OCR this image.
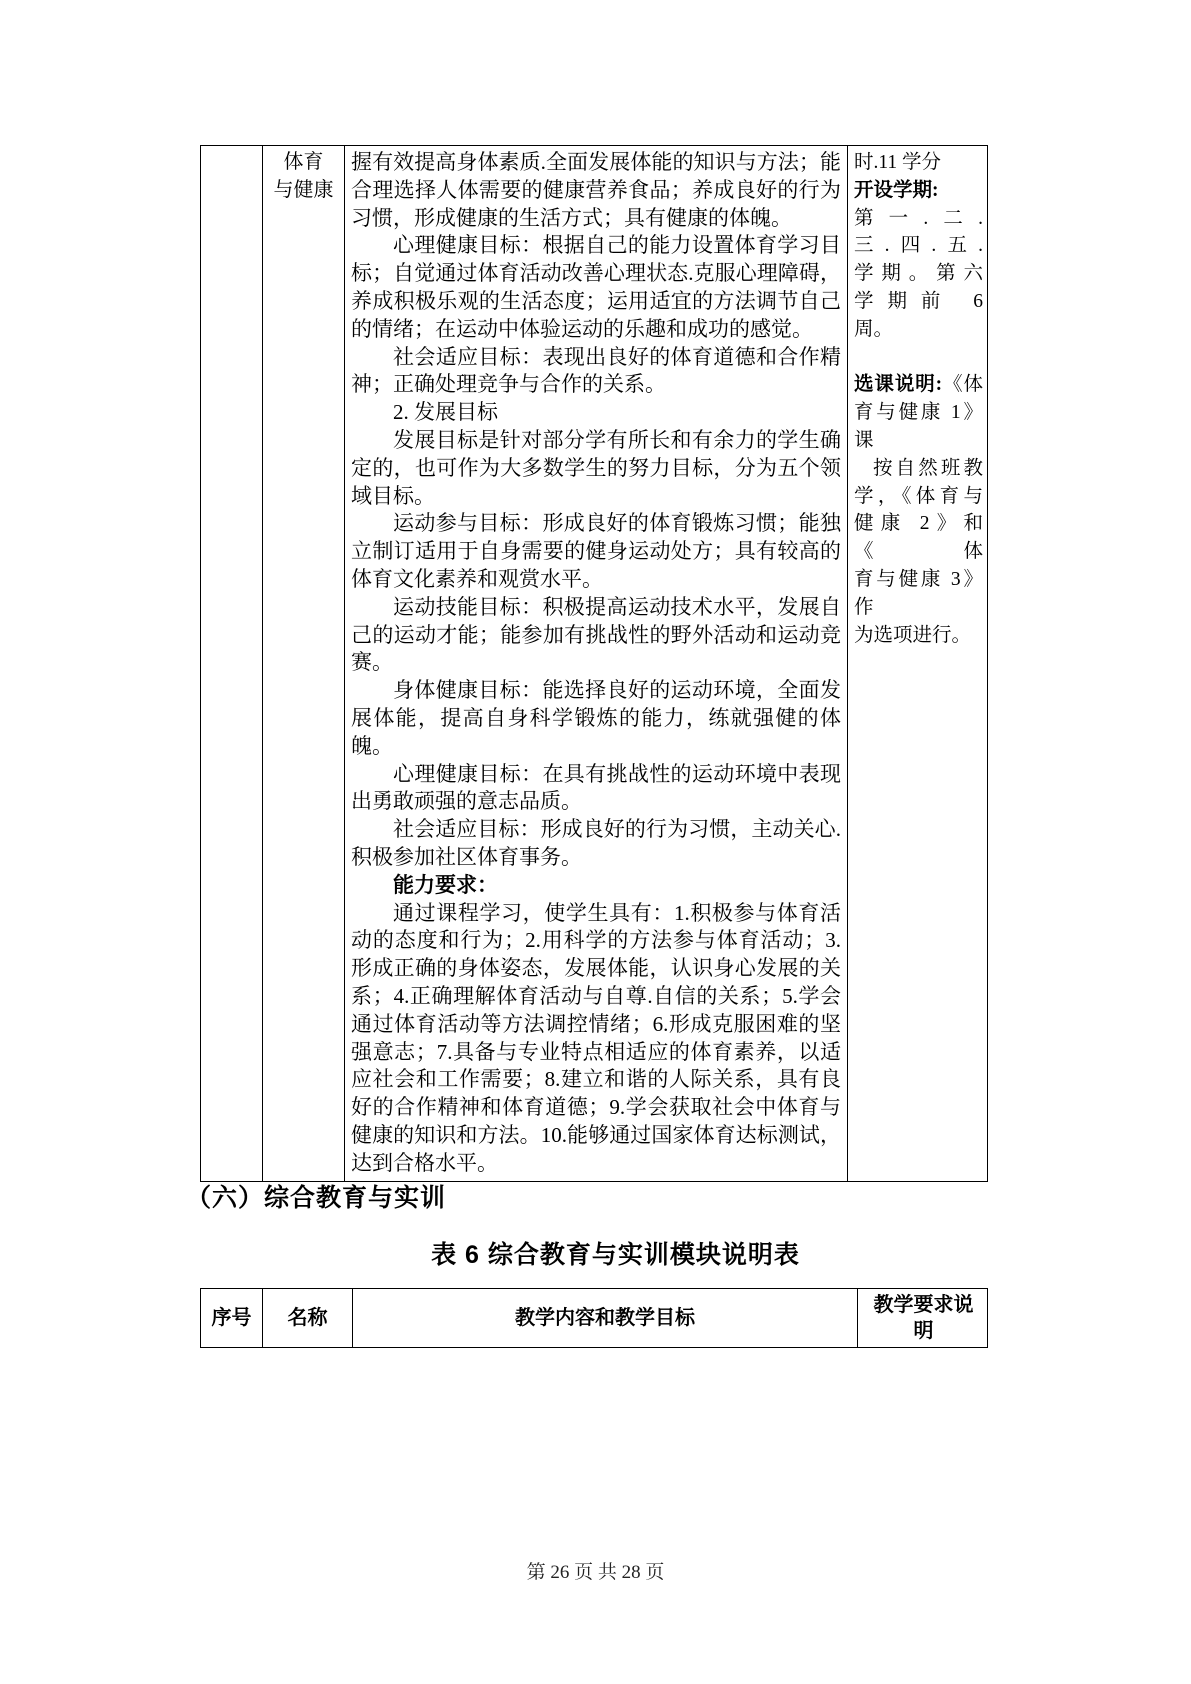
体育
与健康
握有效提高身体素质.全面发展体能的知识与方法；能
合理选择人体需要的健康营养食品；养成良好的行为
习惯，形成健康的生活方式；具有健康的体魄。
心理健康目标：根据自己的能力设置体育学习目
标；自觉通过体育活动改善心理状态.克服心理障碍，
养成积极乐观的生活态度；运用适宜的方法调节自己
的情绪；在运动中体验运动的乐趣和成功的感觉。
社会适应目标：表现出良好的体育道德和合作精
神；正确处理竞争与合作的关系。
2. 发展目标
发展目标是针对部分学有所长和有余力的学生确
定的，也可作为大多数学生的努力目标，分为五个领
域目标。
运动参与目标：形成良好的体育锻炼习惯；能独
立制订适用于自身需要的健身运动处方；具有较高的
体育文化素养和观赏水平。
运动技能目标：积极提高运动技术水平，发展自
己的运动才能；能参加有挑战性的野外活动和运动竞
赛。
身体健康目标：能选择良好的运动环境，全面发
展体能，提高自身科学锻炼的能力，练就强健的体魄。
心理健康目标：在具有挑战性的运动环境中表现
出勇敢顽强的意志品质。
社会适应目标：形成良好的行为习惯，主动关心.
积极参加社区体育事务。
能力要求：
通过课程学习，使学生具有：1.积极参与体育活
动的态度和行为；2.用科学的方法参与体育活动；3.
形成正确的身体姿态，发展体能，认识身心发展的关
系；4.正确理解体育活动与自尊.自信的关系；5.学会
通过体育活动等方法调控情绪；6.形成克服困难的坚
强意志；7.具备与专业特点相适应的体育素养，以适
应社会和工作需要；8.建立和谐的人际关系，具有良
好的合作精神和体育道德；9.学会获取社会中体育与
健康的知识和方法。10.能够通过国家体育达标测试，
达到合格水平。
时.11 学分
开设学期:
第一.二.
三.四.五.
学期。第六
学期前 6
周。
选课说明:《体
育与健康 1》课
按自然班教
学，《体育与
健康 2》和《体
育与健康 3》作
为选项进行。
（六）综合教育与实训
表 6 综合教育与实训模块说明表
序号	名称	教学内容和教学目标
教学要求说明
第 26 页 共 28 页
